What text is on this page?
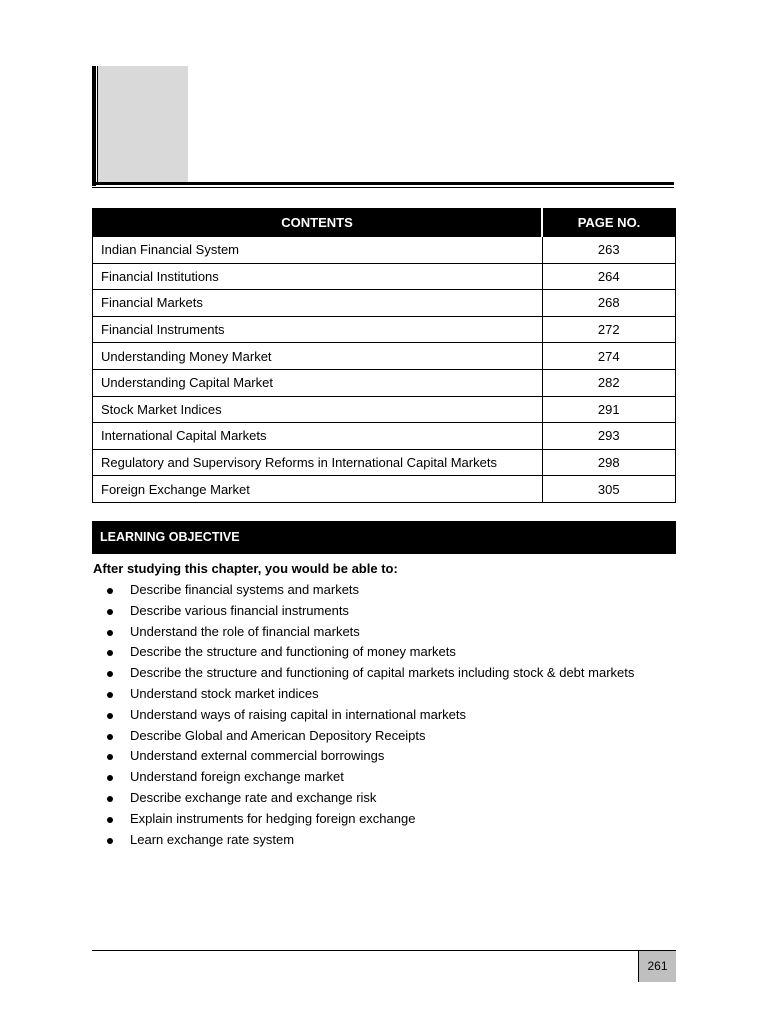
CONTENTS	PAGE NO.
Indian Financial System	263
Financial Institutions	264
Financial Markets	268
Financial Instruments	272
Understanding Money Market	274
Understanding Capital Market	282
Stock Market Indices	291
International Capital Markets	293
Regulatory and Supervisory Reforms in International Capital Markets	298
Foreign Exchange Market	305
LEARNING OBJECTIVE
After studying this chapter, you would be able to:
Describe financial systems and markets
Describe various financial instruments
Understand the role of financial markets
Describe the structure and functioning of money markets
Describe the structure and functioning of capital markets including stock & debt markets
Understand stock market indices
Understand ways of raising capital in international markets
Describe Global and American Depository Receipts
Understand external commercial borrowings
Understand foreign exchange market
Describe exchange rate and exchange risk
Explain instruments for hedging foreign exchange
Learn exchange rate system
261
